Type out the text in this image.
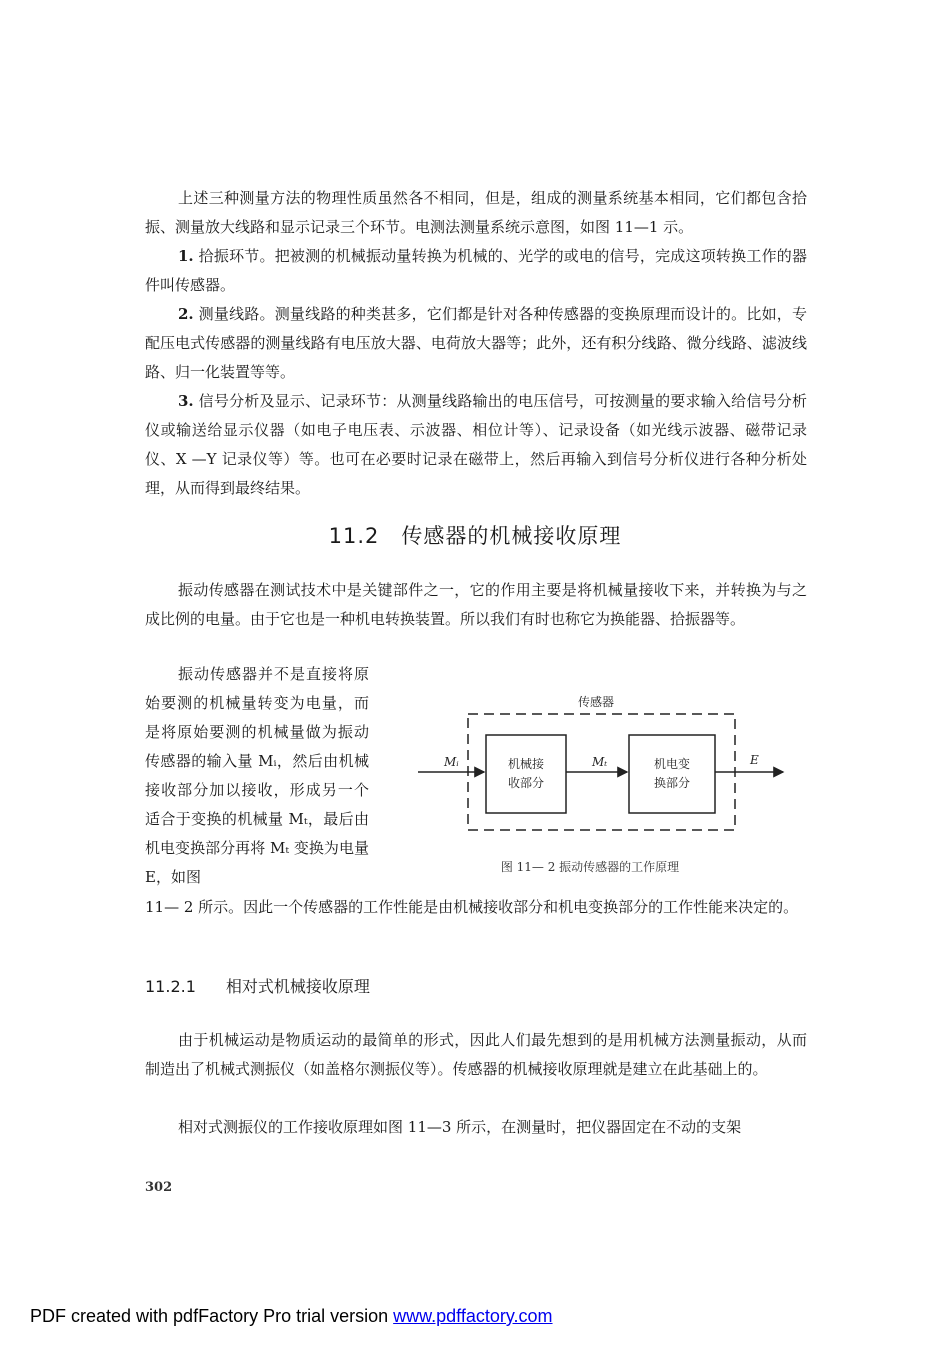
上述三种测量方法的物理性质虽然各不相同，但是，组成的测量系统基本相同，它们都包含拾振、测量放大线路和显示记录三个环节。电测法测量系统示意图，如图 11—1 示。

1. 拾振环节。把被测的机械振动量转换为机械的、光学的或电的信号，完成这项转换工作的器件叫传感器。

2. 测量线路。测量线路的种类甚多，它们都是针对各种传感器的变换原理而设计的。比如，专配压电式传感器的测量线路有电压放大器、电荷放大器等；此外，还有积分线路、微分线路、滤波线路、归一化装置等等。

3. 信号分析及显示、记录环节：从测量线路输出的电压信号，可按测量的要求输入给信号分析仪或输送给显示仪器（如电子电压表、示波器、相位计等）、记录设备（如光线示波器、磁带记录仪、X —Y 记录仪等）等。也可在必要时记录在磁带上，然后再输入到信号分析仪进行各种分析处理，从而得到最终结果。

11.2 传感器的机械接收原理

振动传感器在测试技术中是关键部件之一，它的作用主要是将机械量接收下来，并转换为与之成比例的电量。由于它也是一种机电转换装置。所以我们有时也称它为换能器、拾振器等。

振动传感器并不是直接将原始要测的机械量转变为电量，而是将原始要测的机械量做为振动传感器的输入量 Mᵢ，然后由机械接收部分加以接收，形成另一个适合于变换的机械量 Mₜ，最后由机电变换部分再将 Mₜ 变换为电量 E，如图

传感器
机械接
收部分
机电变
换部分
Mᵢ	Mₜ	E
图 11— 2 振动传感器的工作原理

11— 2 所示。因此一个传感器的工作性能是由机械接收部分和机电变换部分的工作性能来决定的。

11.2.1 相对式机械接收原理

由于机械运动是物质运动的最简单的形式，因此人们最先想到的是用机械方法测量振动，从而制造出了机械式测振仪（如盖格尔测振仪等）。传感器的机械接收原理就是建立在此基础上的。

相对式测振仪的工作接收原理如图 11—3 所示，在测量时，把仪器固定在不动的支架

302
PDF created with pdfFactory Pro trial version www.pdffactory.com
